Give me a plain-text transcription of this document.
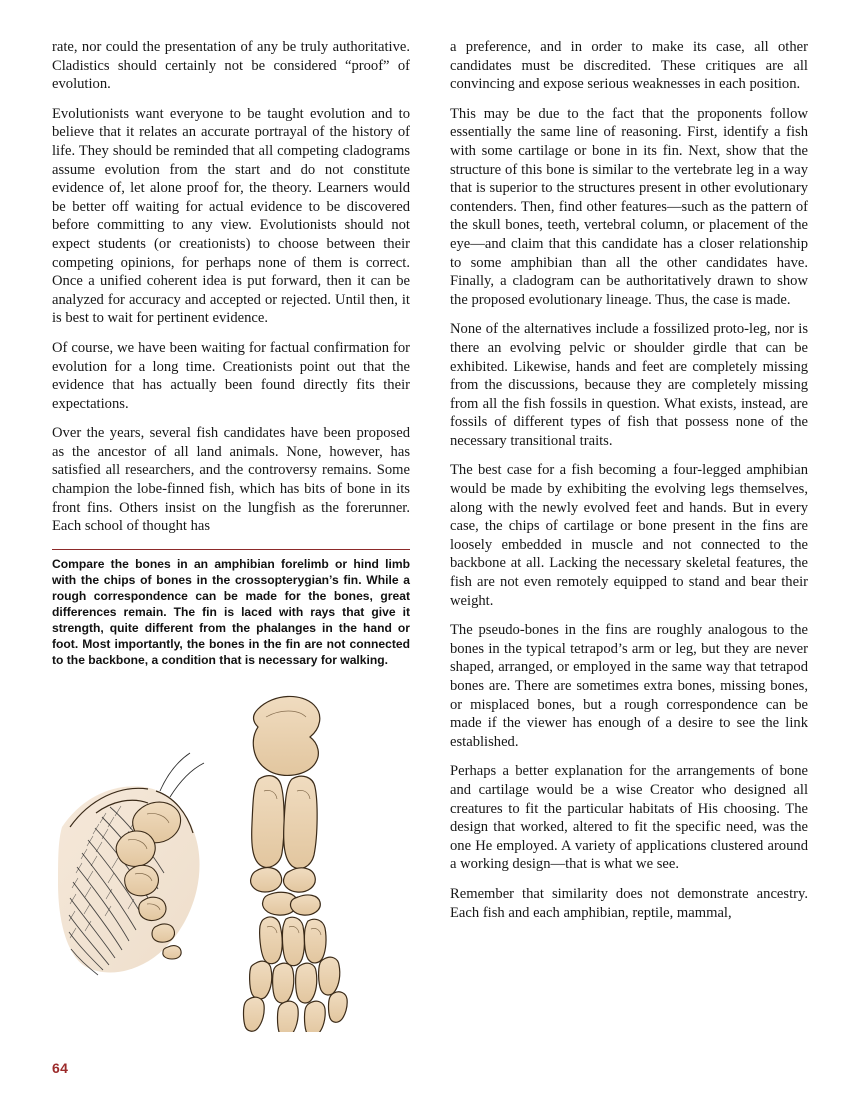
rate, nor could the presentation of any be truly authoritative. Cladistics should certainly not be considered “proof” of evolution.

Evolutionists want everyone to be taught evolution and to believe that it relates an accurate portrayal of the history of life. They should be reminded that all competing cladograms assume evolution from the start and do not constitute evidence of, let alone proof for, the theory. Learners would be better off waiting for actual evidence to be discovered before committing to any view. Evolutionists should not expect students (or creationists) to choose between their competing opinions, for perhaps none of them is correct. Once a unified coherent idea is put forward, then it can be analyzed for accuracy and accepted or rejected. Until then, it is best to wait for pertinent evidence.

Of course, we have been waiting for factual confirmation for evolution for a long time. Creationists point out that the evidence that has actually been found directly fits their expectations.

Over the years, several fish candidates have been proposed as the ancestor of all land animals. None, however, has satisfied all researchers, and the controversy remains. Some champion the lobe-finned fish, which has bits of bone in its front fins. Others insist on the lungfish as the forerunner. Each school of thought has

Compare the bones in an amphibian forelimb or hind limb with the chips of bones in the crossopterygian’s fin. While a rough correspondence can be made for the bones, great differences remain. The fin is laced with rays that give it strength, quite different from the phalanges in the hand or foot. Most importantly, the bones in the fin are not connected to the backbone, a condition that is necessary for walking.

a preference, and in order to make its case, all other candidates must be discredited. These critiques are all convincing and expose serious weaknesses in each position.

This may be due to the fact that the proponents follow essentially the same line of reasoning. First, identify a fish with some cartilage or bone in its fin. Next, show that the structure of this bone is similar to the vertebrate leg in a way that is superior to the structures present in other evolutionary contenders. Then, find other features—such as the pattern of the skull bones, teeth, vertebral column, or placement of the eye—and claim that this candidate has a closer relationship to some amphibian than all the other candidates have. Finally, a cladogram can be authoritatively drawn to show the proposed evolutionary lineage. Thus, the case is made.

None of the alternatives include a fossilized proto-leg, nor is there an evolving pelvic or shoulder girdle that can be exhibited. Likewise, hands and feet are completely missing from the discussions, because they are completely missing from all the fish fossils in question. What exists, instead, are fossils of different types of fish that possess none of the necessary transitional traits.

The best case for a fish becoming a four-legged amphibian would be made by exhibiting the evolving legs themselves, along with the newly evolved feet and hands. But in every case, the chips of cartilage or bone present in the fins are loosely embedded in muscle and not connected to the backbone at all. Lacking the necessary skeletal features, the fish are not even remotely equipped to stand and bear their weight.

The pseudo-bones in the fins are roughly analogous to the bones in the typical tetrapod’s arm or leg, but they are never shaped, arranged, or employed in the same way that tetrapod bones are. There are sometimes extra bones, missing bones, or misplaced bones, but a rough correspondence can be made if the viewer has enough of a desire to see the link established.

Perhaps a better explanation for the arrangements of bone and cartilage would be a wise Creator who designed all creatures to fit the particular habitats of His choosing. The design that worked, altered to fit the specific need, was the one He employed. A variety of applications clustered around a working design—that is what we see.

Remember that similarity does not demonstrate ancestry. Each fish and each amphibian, reptile, mammal,

64
